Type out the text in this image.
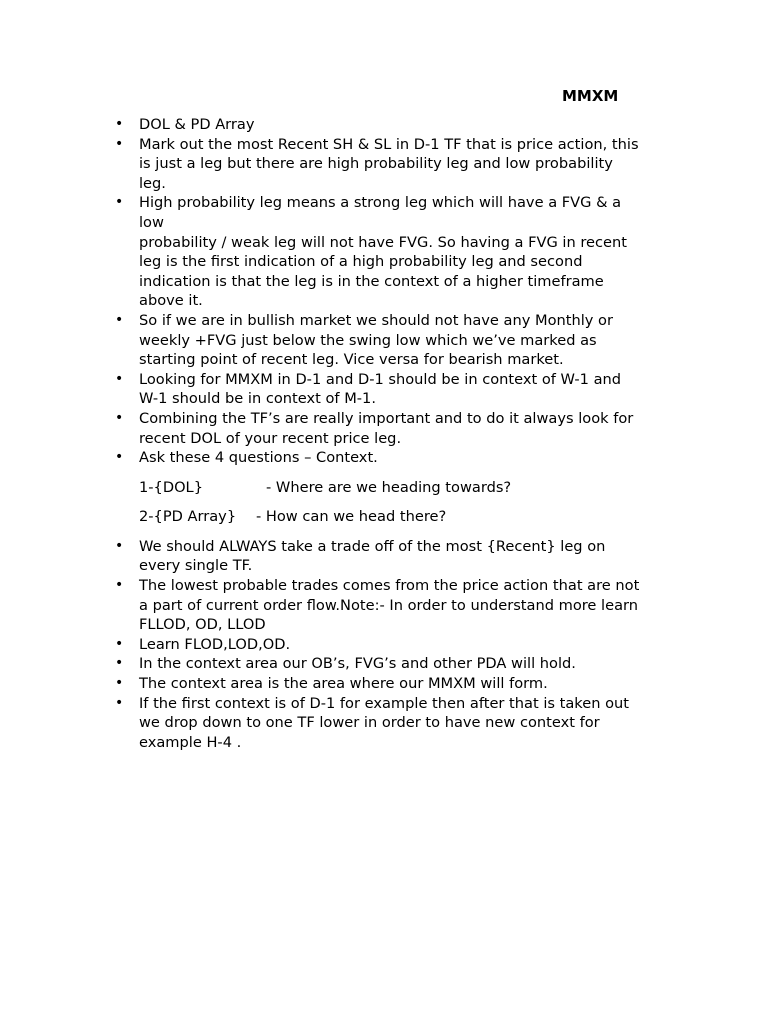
MMXM
• DOL & PD Array
• Mark out the most Recent SH & SL in D-1 TF that is price action, this
is just a leg but there are high probability leg and low probability
leg.
• High probability leg means a strong leg which will have a FVG & a
low
probability / weak leg will not have FVG. So having a FVG in recent
leg is the first indication of a high probability leg and second
indication is that the leg is in the context of a higher timeframe
above it.
• So if we are in bullish market we should not have any Monthly or
weekly +FVG just below the swing low which we’ve marked as
starting point of recent leg. Vice versa for bearish market.
• Looking for MMXM in D-1 and D-1 should be in context of W-1 and
W-1 should be in context of M-1.
• Combining the TF’s are really important and to do it always look for
recent DOL of your recent price leg.
• Ask these 4 questions – Context.
1-{DOL}	- Where are we heading towards?
2-{PD Array}	- How can we head there?
• We should ALWAYS take a trade off of the most {Recent} leg on
every single TF.
• The lowest probable trades comes from the price action that are not
a part of current order flow.Note:- In order to understand more learn
FLLOD, OD, LLOD
• Learn FLOD,LOD,OD.
• In the context area our OB’s, FVG’s and other PDA will hold.
• The context area is the area where our MMXM will form.
• If the first context is of D-1 for example then after that is taken out
we drop down to one TF lower in order to have new context for
example H-4 .
